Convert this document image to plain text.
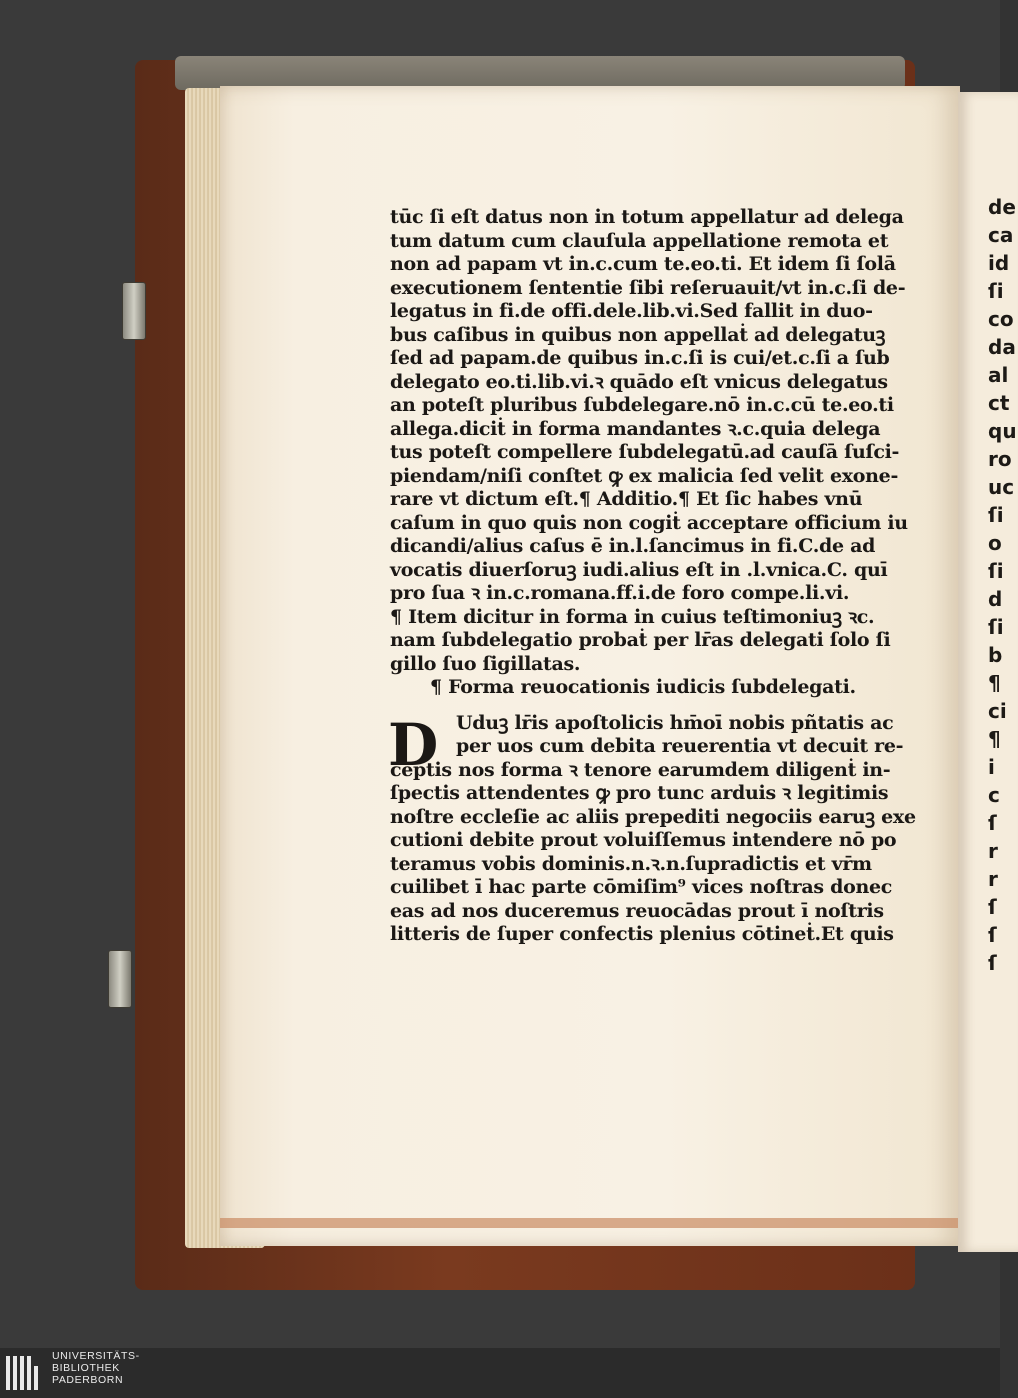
de
ca
id
ſi
co
da
al
ct
qu
ro
uc
ſi
o
ſi
d
ſi
b
¶
ci
¶
i
c
ſ
r
r
ſ
ſ
ſ
tūc ſi eſt datus non in totum appellatur ad delega
tum datum cum clauſula appellatione remota et
non ad papam vt in.c.cum te.eo.ti. Et idem ſi ſolā
executionem ſententie ſibi reſeruauit/vt in.c.ſi de-
legatus in fi.de offi.dele.lib.vi.Sed fallit in duo-
bus caſibus in quibus non appellaṫ ad delegatuꝫ
ſed ad papam.de quibus in.c.ſi is cui/et.c.ſi a ſub
delegato eo.ti.lib.vi.ꝛ quādo eſt vnicus delegatus
an poteſt pluribus ſubdelegare.nō in.c.cū te.eo.ti
allega.diciṫ in forma mandantes ꝛ.c.quia delega
tus poteſt compellere ſubdelegatū.ad cauſā ſuſci-
piendam/niſi conſtet ꝙ ex malicia ſed velit exone-
rare vt dictum eſt.¶ Additio.¶ Et ſic habes vnū
caſum in quo quis non cogiṫ acceptare officium iu
dicandi/alius caſus ē in.l.ſancimus in fi.C.de ad
vocatis diuerſoruꝫ iudi.alius eſt in .l.vnica.C. quī
pro ſua ꝛ in.c.romana.ff.i.de foro compe.li.vi.
¶ Item dicitur in forma in cuius teſtimoniuꝫ ꝛc.
nam ſubdelegatio probaṫ per lr̄as delegati ſolo ſi
gillo ſuo ſigillatas.
¶ Forma reuocationis iudicis ſubdelegati.
D Uduꝫ lr̄is apoſtolicis hm̄oī nobis pñtatis ac
per uos cum debita reuerentia vt decuit re-
ceptis nos forma ꝛ tenore earumdem diligenṫ in-
ſpectis attendentes ꝙ pro tunc arduis ꝛ legitimis
noſtre eccleſie ac aliis prepediti negociis earuꝫ exe
cutioni debite prout voluiſſemus intendere nō po
teramus vobis dominis.n.ꝛ.n.ſupradictis et vr̄m
cuilibet ī hac parte cōmiſim⁹ vices noſtras donec
eas ad nos duceremus reuocādas prout ī noſtris
litteris de ſuper confectis plenius cōtineṫ.Et quis
UNIVERSITÄTS-
BIBLIOTHEK
PADERBORN
